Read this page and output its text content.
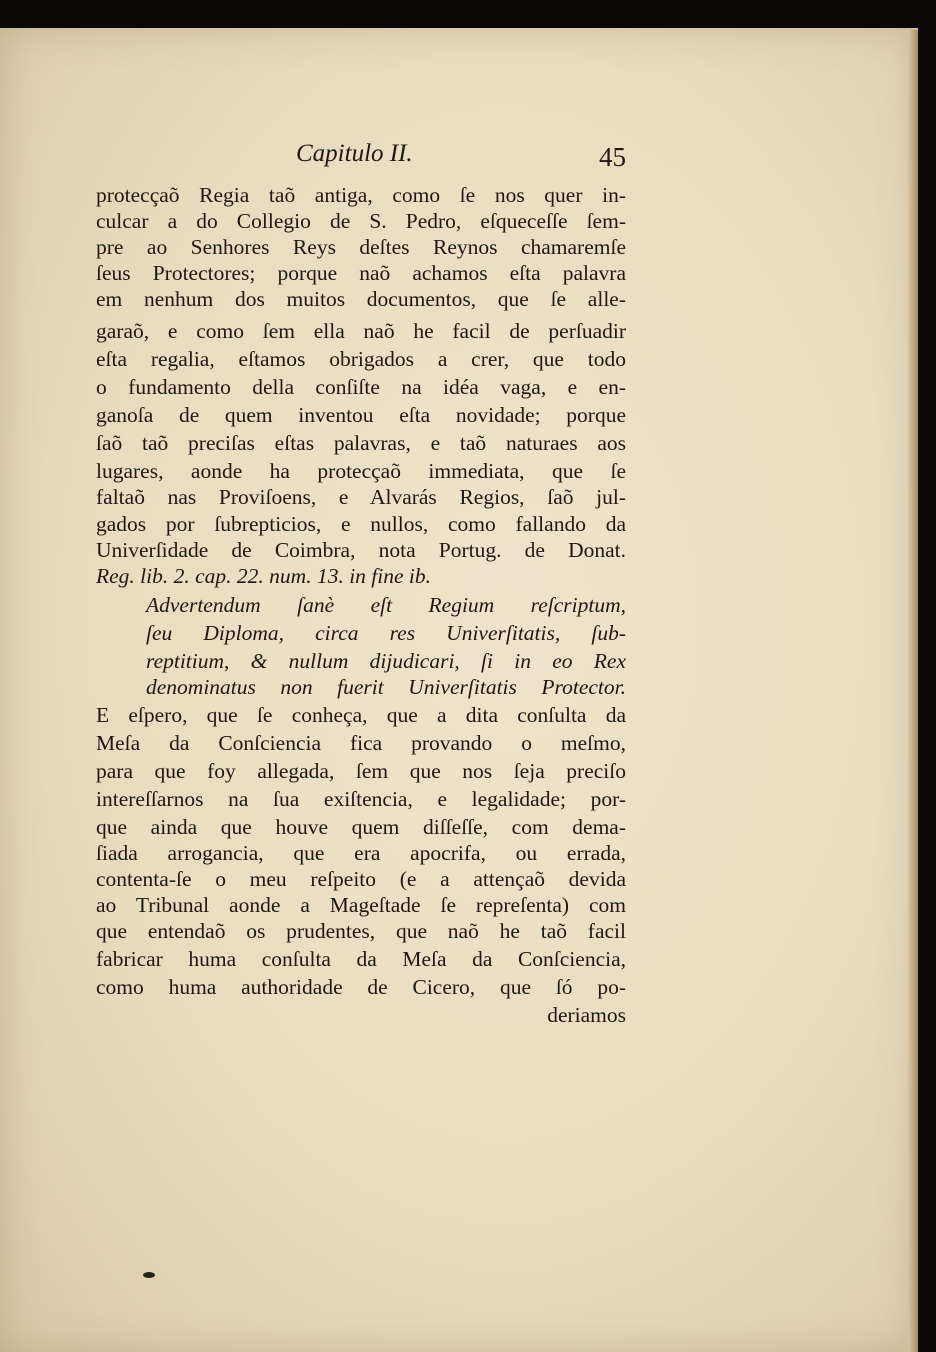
Capitulo II.	45
protecçaõ Regia taõ antiga, como ſe nos quer in-
culcar a do Collegio de S. Pedro, eſqueceſſe ſem-
pre ao Senhores Reys deſtes Reynos chamaremſe
ſeus Protectores; porque naõ achamos eſta palavra
em nenhum dos muitos documentos, que ſe alle-
garaõ, e como ſem ella naõ he facil de perſuadir
eſta regalia, eſtamos obrigados a crer, que todo
o fundamento della conſiſte na idéa vaga, e en-
ganoſa de quem inventou eſta novidade; porque
ſaõ taõ preciſas eſtas palavras, e taõ naturaes aos
lugares, aonde ha protecçaõ immediata, que ſe
faltaõ nas Proviſoens, e Alvarás Regios, ſaõ jul-
gados por ſubrepticios, e nullos, como fallando da
Univerſidade de Coimbra, nota Portug. de Donat.
Reg. lib. 2. cap. 22. num. 13. in fine ib.
Advertendum ſanè eſt Regium reſcriptum,
ſeu Diploma, circa res Univerſitatis, ſub-
reptitium, & nullum dijudicari, ſi in eo Rex
denominatus non fuerit Univerſitatis Protector.
E eſpero, que ſe conheça, que a dita conſulta da
Meſa da Conſciencia fica provando o meſmo,
para que foy allegada, ſem que nos ſeja preciſo
intereſſarnos na ſua exiſtencia, e legalidade; por-
que ainda que houve quem diſſeſſe, com dema-
ſiada arrogancia, que era apocrifa, ou errada,
contenta-ſe o meu reſpeito (e a attençaõ devida
ao Tribunal aonde a Mageſtade ſe repreſenta) com
que entendaõ os prudentes, que naõ he taõ facil
fabricar huma conſulta da Meſa da Conſciencia,
como huma authoridade de Cicero, que ſó po-
deriamos
